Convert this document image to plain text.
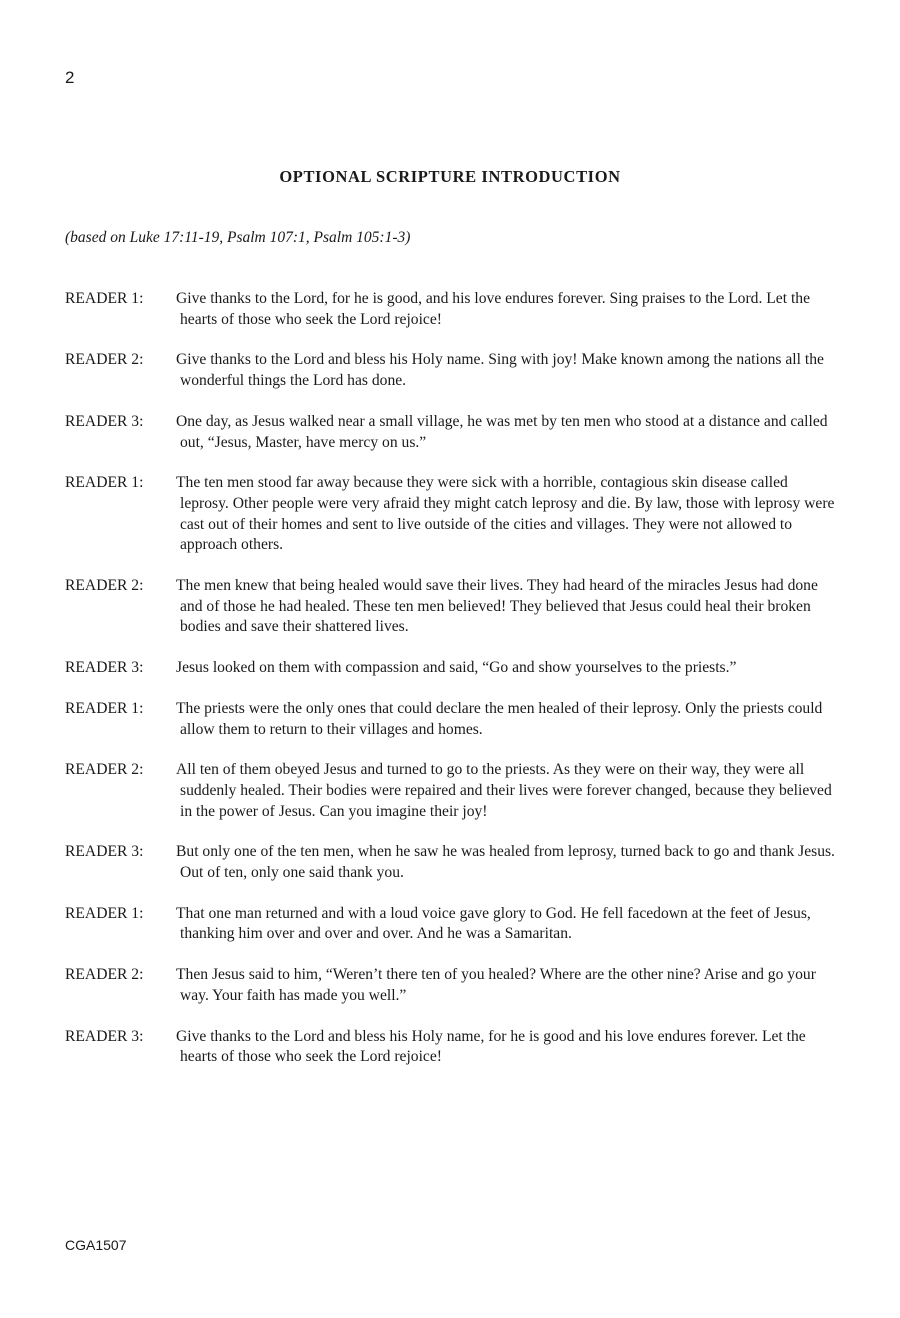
2
OPTIONAL SCRIPTURE INTRODUCTION
(based on Luke 17:11-19, Psalm 107:1, Psalm 105:1-3)
READER 1:	Give thanks to the Lord, for he is good, and his love endures forever. Sing praises to the Lord. Let the hearts of those who seek the Lord rejoice!
READER 2:	Give thanks to the Lord and bless his Holy name. Sing with joy! Make known among the nations all the wonderful things the Lord has done.
READER 3:	One day, as Jesus walked near a small village, he was met by ten men who stood at a distance and called out, “Jesus, Master, have mercy on us.”
READER 1:	The ten men stood far away because they were sick with a horrible, contagious skin disease called leprosy. Other people were very afraid they might catch leprosy and die. By law, those with leprosy were cast out of their homes and sent to live outside of the cities and villages. They were not allowed to approach others.
READER 2:	The men knew that being healed would save their lives. They had heard of the miracles Jesus had done and of those he had healed. These ten men believed! They believed that Jesus could heal their broken bodies and save their shattered lives.
READER 3:	Jesus looked on them with compassion and said, “Go and show yourselves to the priests.”
READER 1:	The priests were the only ones that could declare the men healed of their leprosy. Only the priests could allow them to return to their villages and homes.
READER 2:	All ten of them obeyed Jesus and turned to go to the priests. As they were on their way, they were all suddenly healed. Their bodies were repaired and their lives were forever changed, because they believed in the power of Jesus. Can you imagine their joy!
READER 3:	But only one of the ten men, when he saw he was healed from leprosy, turned back to go and thank Jesus. Out of ten, only one said thank you.
READER 1:	That one man returned and with a loud voice gave glory to God. He fell facedown at the feet of Jesus, thanking him over and over and over. And he was a Samaritan.
READER 2:	Then Jesus said to him, “Weren’t there ten of you healed? Where are the other nine? Arise and go your way. Your faith has made you well.”
READER 3:	Give thanks to the Lord and bless his Holy name, for he is good and his love endures forever. Let the hearts of those who seek the Lord rejoice!
CGA1507
